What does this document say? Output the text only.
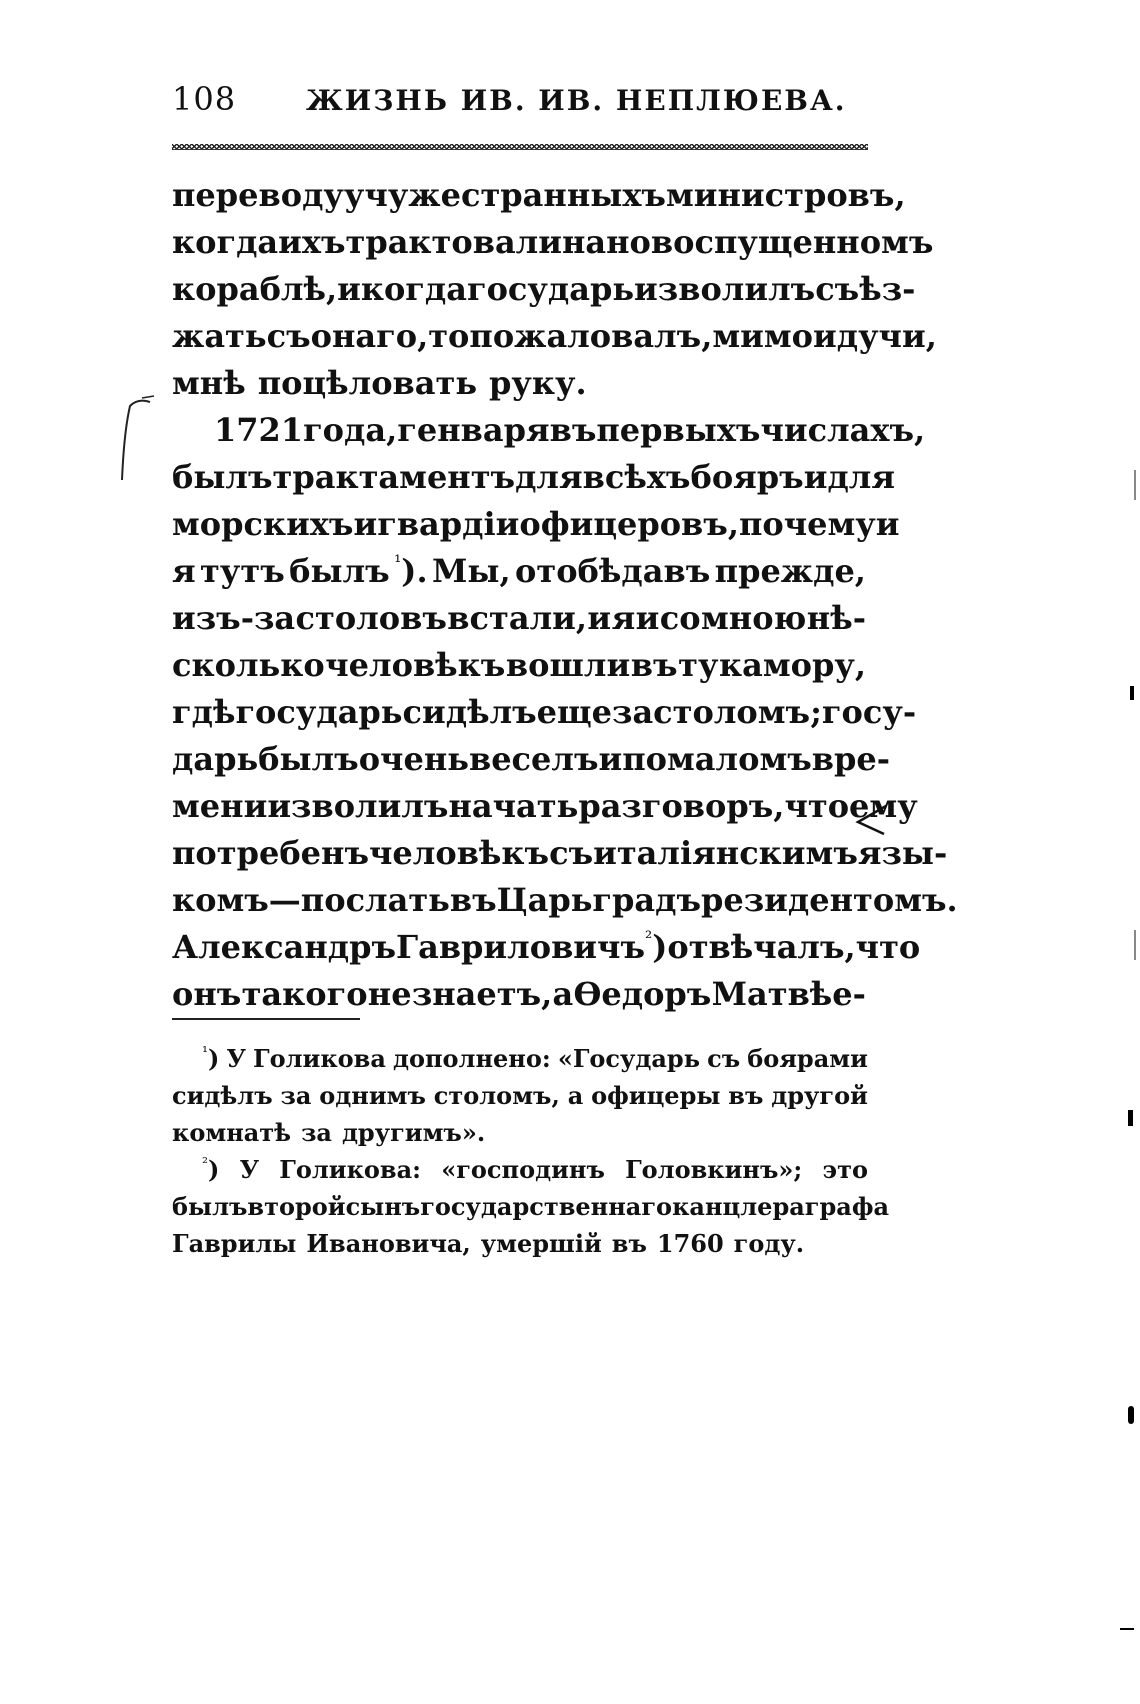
108 ЖИЗНЬ ИВ. ИВ. НЕПЛЮЕВА.
переводу у чужестранныхъ министровъ,
когда ихъ трактовали на новоспущенномъ
кораблѣ, и когда государь изволилъ съѣз-
жать съ онаго, то пожаловалъ, мимо идучи,
мнѣ поцѣловать руку.
1721 года, генваря въ первыхъ числахъ,
былъ трактаментъ для всѣхъ бояръ и для
морскихъ и гвардіи офицеровъ, почему и
я тутъ былъ $^{^1}$). Мы, отобѣдавъ прежде,
изъ-за столовъ встали, и я и со мною нѣ-
сколько человѣкъ вошли въ ту камору,
гдѣ государь сидѣлъ еще за столомъ; госу-
дарь былъ очень веселъ и по маломъ вре-
мени изволилъ начать разговоръ, что ему
потребенъ человѣкъ съ италіянскимъ язы-
комъ—послать въ Царьградъ резидентомъ.
Александръ Гавриловичъ $^{^2}$) отвѣчалъ, что
онъ такого не знаетъ, а Өедоръ Матвѣе-
$^{^1}$) У Голикова дополнено: «Государь съ боярами
сидѣлъ за однимъ столомъ, а офицеры въ другой
комнатѣ за другимъ».
$^{^2}$) У Голикова: «господинъ Головкинъ»; это
былъ второй сынъ государственнаго канцлера графа
Гаврилы Ивановича, умершій въ 1760 году.
